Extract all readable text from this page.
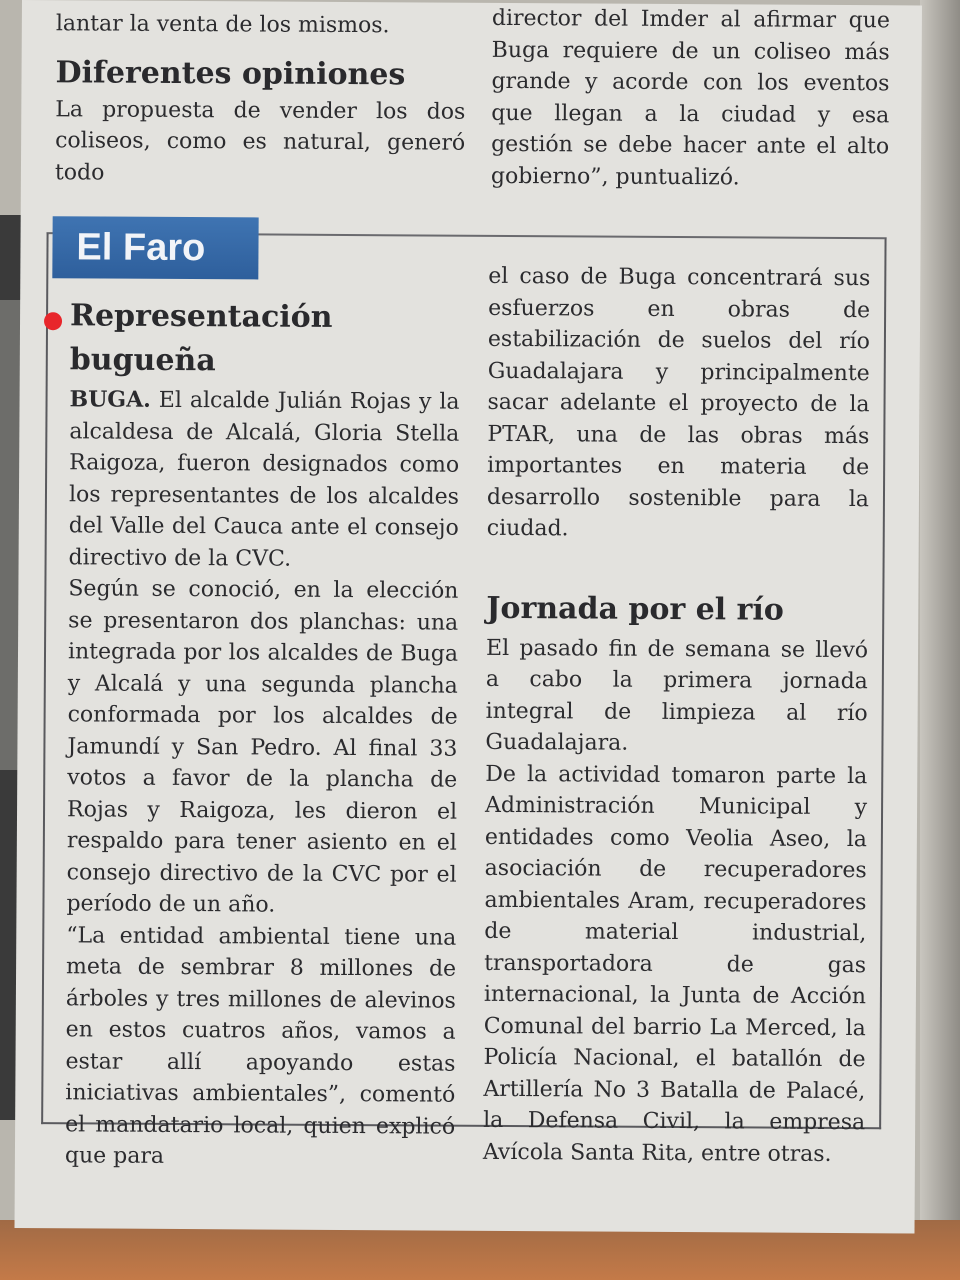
lantar la venta de los mismos.

Diferentes opiniones

La propuesta de vender los dos coliseos, como es natural, generó todo

director del Imder al afirmar que Buga requiere de un coliseo más grande y acorde con los eventos que llegan a la ciudad y esa gestión se debe hacer ante el alto gobierno”, puntualizó.

El Faro
Representación bugueña

BUGA. El alcalde Julián Rojas y la alcaldesa de Alcalá, Gloria Stella Raigoza, fueron designados como los representantes de los alcaldes del Valle del Cauca ante el consejo directivo de la CVC.

Según se conoció, en la elección se presentaron dos planchas: una integrada por los alcaldes de Buga y Alcalá y una segunda plancha conformada por los alcaldes de Jamundí y San Pedro. Al final 33 votos a favor de la plancha de Rojas y Raigoza, les dieron el respaldo para tener asiento en el consejo directivo de la CVC por el período de un año.

“La entidad ambiental tiene una meta de sembrar 8 millones de árboles y tres millones de alevinos en estos cuatros años, vamos a estar allí apoyando estas iniciativas ambientales”, comentó el mandatario local, quien explicó que para

el caso de Buga concentrará sus esfuerzos en obras de estabilización de suelos del río Guadalajara y principalmente sacar adelante el proyecto de la PTAR, una de las obras más importantes en materia de desarrollo sostenible para la ciudad.

Jornada por el río

El pasado fin de semana se llevó a cabo la primera jornada integral de limpieza al río Guadalajara.

De la actividad tomaron parte la Administración Municipal y entidades como Veolia Aseo, la asociación de recuperadores ambientales Aram, recuperadores de material industrial, transportadora de gas internacional, la Junta de Acción Comunal del barrio La Merced, la Policía Nacional, el batallón de Artillería No 3 Batalla de Palacé, la Defensa Civil, la empresa Avícola Santa Rita, entre otras.
